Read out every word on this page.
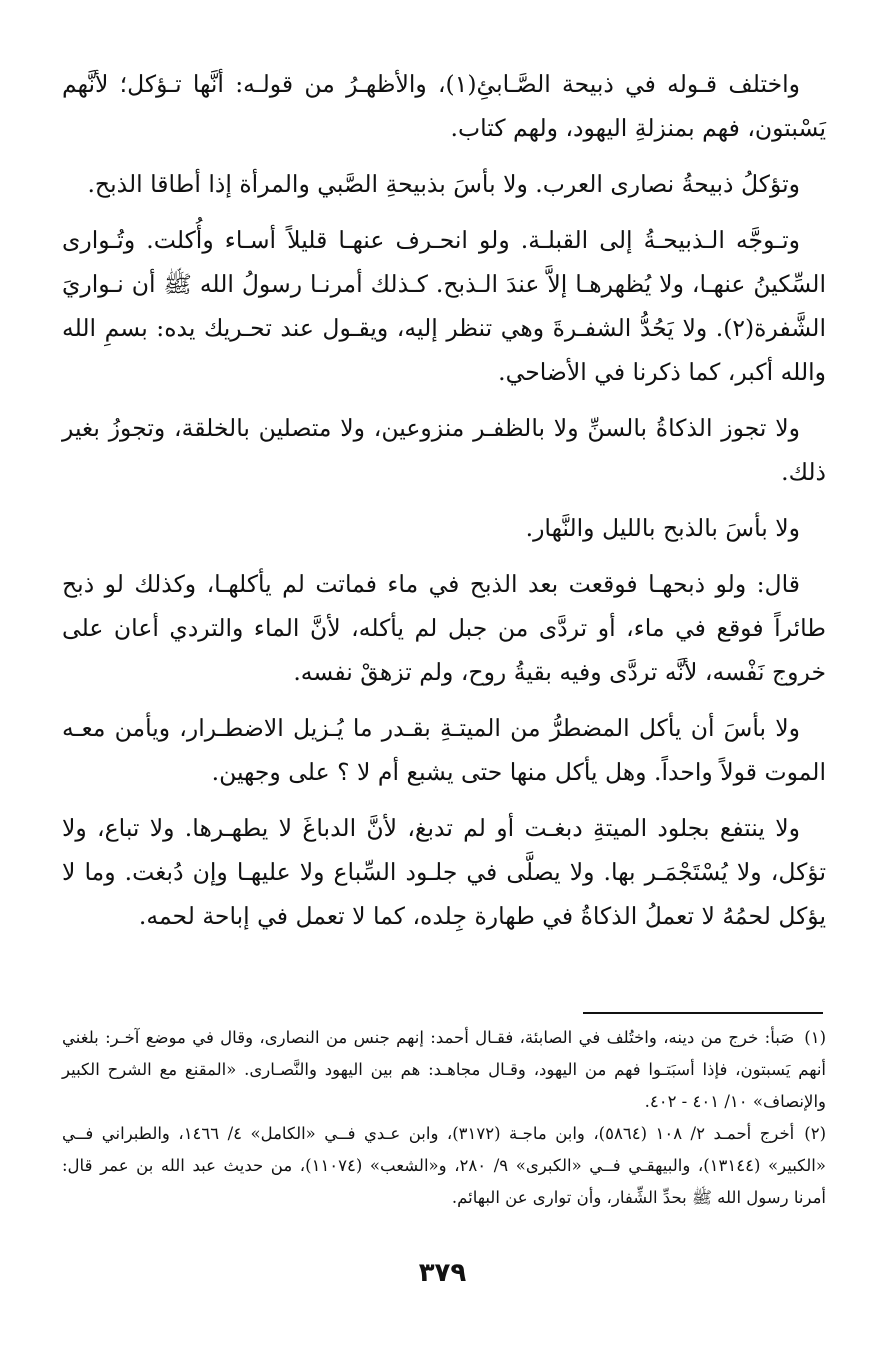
واختلف قـوله في ذبيحة الصَّـابئِ(١)، والأظهـرُ من قولـه: أنَّها تـؤكل؛ لأنَّهم يَسْبتون، فهم بمنزلةِ اليهود، ولهم كتاب.

وتؤكلُ ذبيحةُ نصارى العرب. ولا بأسَ بذبيحةِ الصَّبي والمرأة إذا أطاقا الذبح.

وتـوجَّه الـذبيحـةُ إلى القبلـة. ولو انحـرف عنهـا قليلاً أسـاء وأُكلت. وتُـوارى السِّكينُ عنهـا، ولا يُظهرهـا إلاَّ عندَ الـذبح. كـذلك أمرنـا رسولُ الله ﷺ أن نـواريَ الشَّفرة(٢). ولا يَحُدُّ الشفـرةَ وهي تنظر إليه، ويقـول عند تحـريك يده: بسمِ الله والله أكبر، كما ذكرنا في الأضاحي.

ولا تجوز الذكاةُ بالسنِّ ولا بالظفـر منزوعين، ولا متصلين بالخلقة، وتجوزُ بغير ذلك.

ولا بأسَ بالذبح بالليل والنَّهار.

قال: ولو ذبحهـا فوقعت بعد الذبح في ماء فماتت لم يأكلهـا، وكذلك لو ذبح طائراً فوقع في ماء، أو تردَّى من جبل لم يأكله، لأنَّ الماء والتردي أعان على خروج نَفْسه، لأنَّه تردَّى وفيه بقيةُ روح، ولم تزهقْ نفسه.

ولا بأسَ أن يأكل المضطرُّ من الميتـةِ بقـدر ما يُـزيل الاضطـرار، ويأمن معـه الموت قولاً واحداً. وهل يأكل منها حتى يشبع أم لا ؟ على وجهين.

ولا ينتفع بجلود الميتةِ دبغـت أو لم تدبغ، لأنَّ الدباغَ لا يطهـرها. ولا تباع، ولا تؤكل، ولا يُسْتَجْمَـر بها. ولا يصلَّى في جلـود السِّباع ولا عليهـا وإن دُبغت. وما لا يؤكل لحمُهُ لا تعملُ الذكاةُ في طهارة جِلده، كما لا تعمل في إباحة لحمه.

(١)صَبأ: خرج من دينه، واختُلف في الصابئة، فقـال أحمد: إنهم جنس من النصارى، وقال في موضع آخـر: بلغني أنهم يَسبتون، فإذا أسبَتـوا فهم من اليهود، وقـال مجاهـد: هم بين اليهود والنَّصـارى. «المقنع مع الشرح الكبير والإنصاف» ١٠/ ٤٠١ - ٤٠٢.

(٢)أخرج أحمـد ٢/ ١٠٨ (٥٨٦٤)، وابن ماجـة (٣١٧٢)، وابن عـدي فــي «الكامل» ٤/ ١٤٦٦، والطبراني فــي «الكبير» (١٣١٤٤)، والبيهقـي فــي «الكبرى» ٩/ ٢٨٠، و«الشعب» (١١٠٧٤)، من حديث عبد الله بن عمر قال: أمرنا رسول الله ﷺ بحدِّ الشِّفار، وأن توارى عن البهائم.

٣٧٩
